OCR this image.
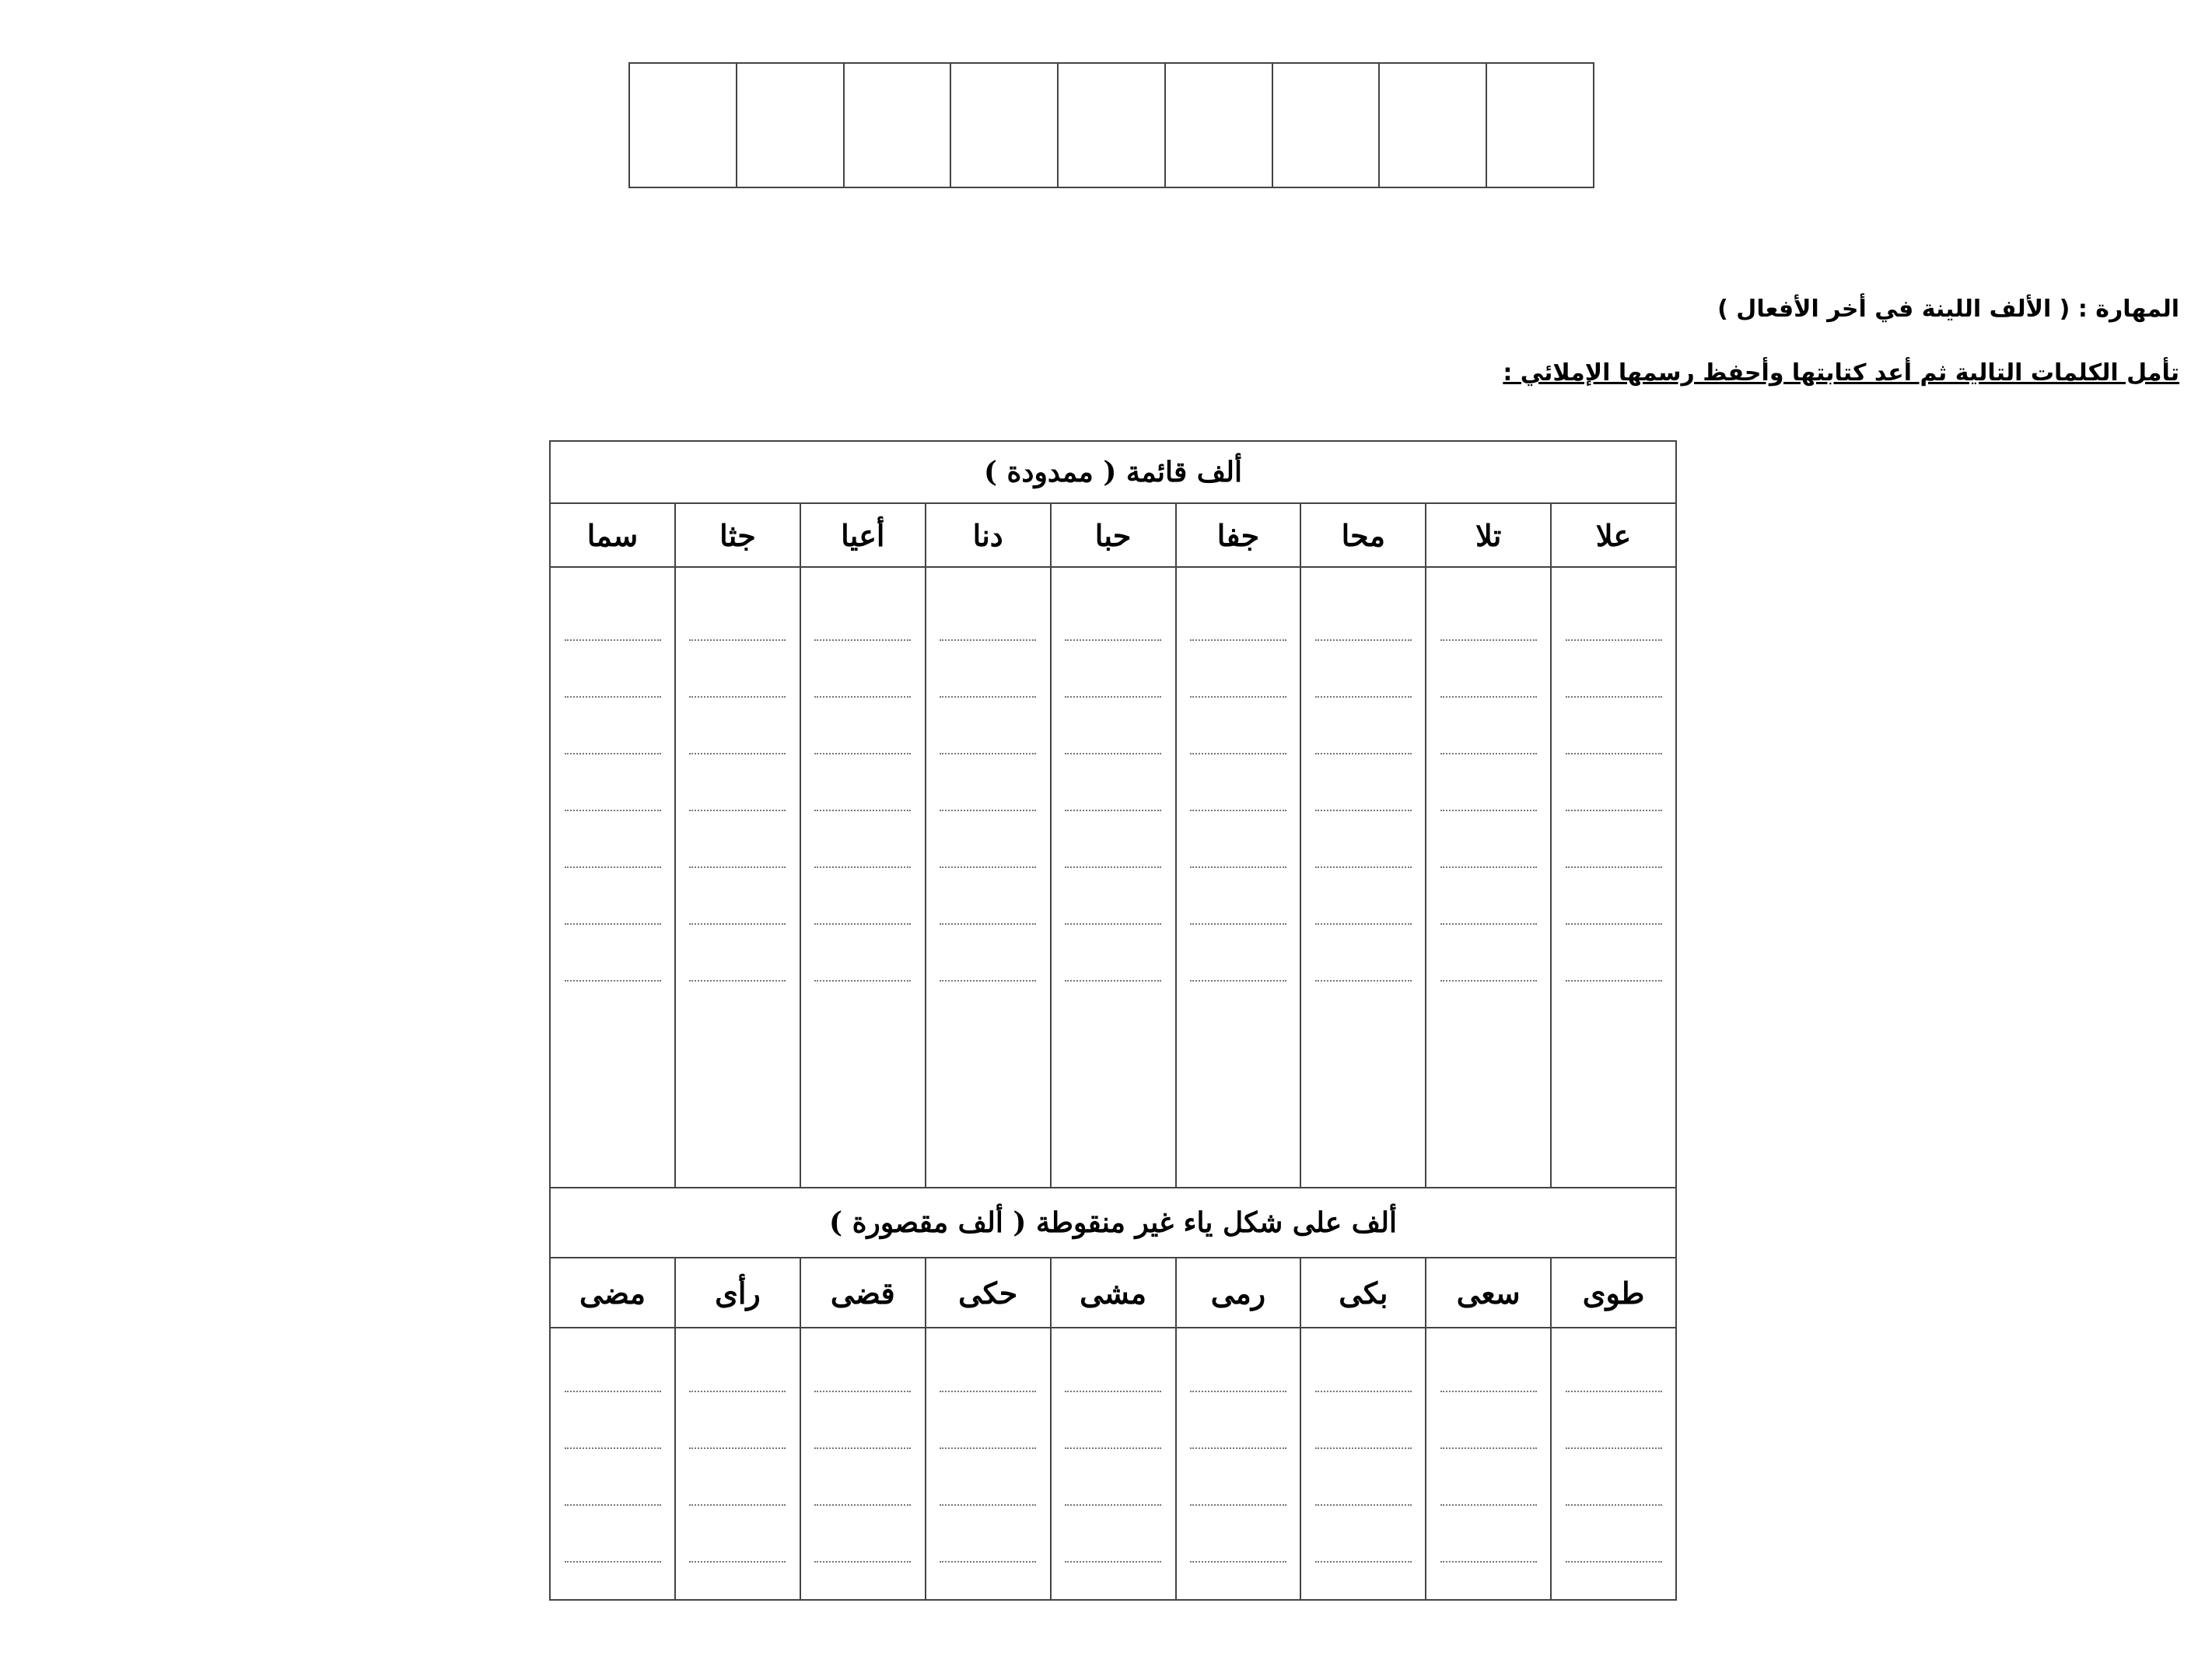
المهارة : ( الألف اللينة في أخر الأفعال )
تأمل الكلمات التالية ثم أعد كتابتها وأحفظ رسمها الإملائي :
ألف قائمة ( ممدودة )								
علا	تلا	محا	جفا	حبا	دنا	أعيا	جثا	سما

ألف على شكل ياء غير منقوطة ( ألف مقصورة )								
طوى	سعى	بكى	رمى	مشى	حكى	قضى	رأى	مضى
